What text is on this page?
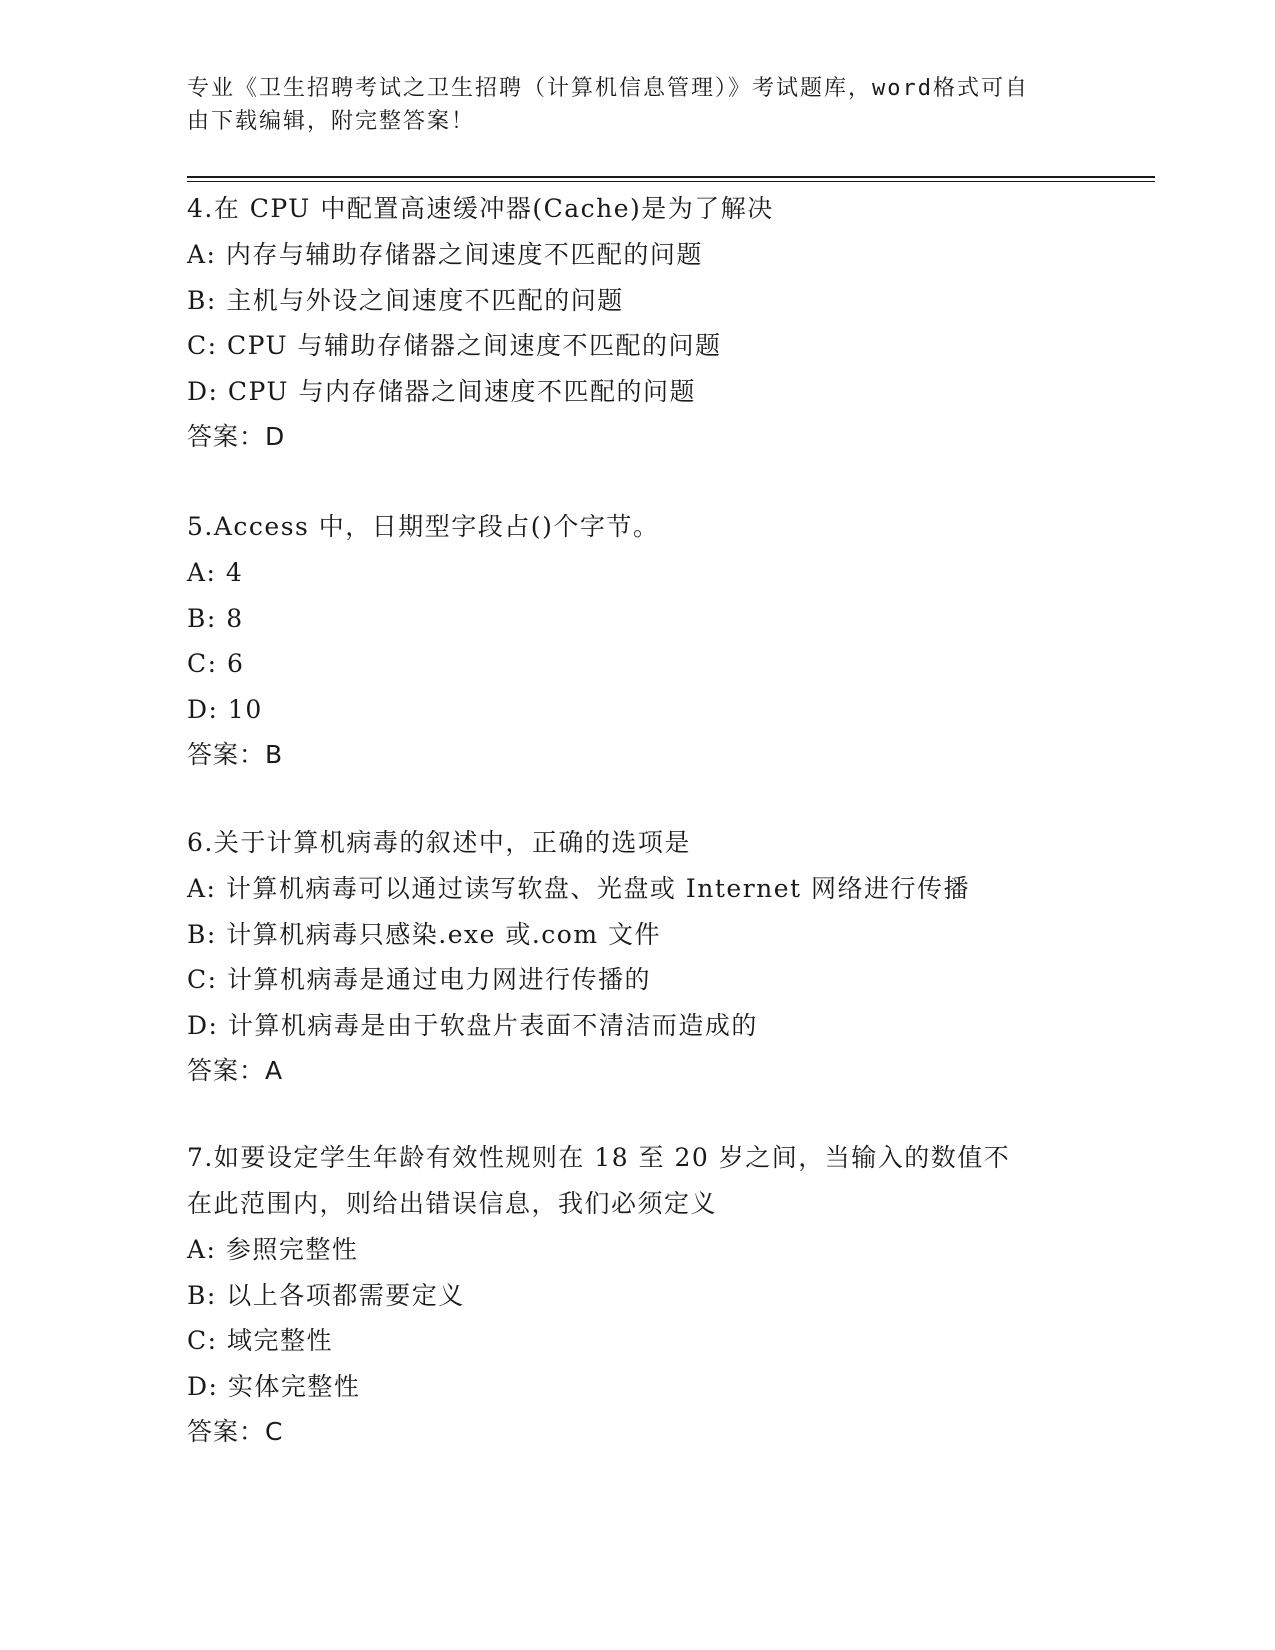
专业《卫生招聘考试之卫生招聘（计算机信息管理）》考试题库，word格式可自
由下载编辑，附完整答案！
4.在 CPU 中配置高速缓冲器(Cache)是为了解决
A: 内存与辅助存储器之间速度不匹配的问题
B: 主机与外设之间速度不匹配的问题
C: CPU 与辅助存储器之间速度不匹配的问题
D: CPU 与内存储器之间速度不匹配的问题
答案：D
5.Access 中，日期型字段占()个字节。
A: 4
B: 8
C: 6
D: 10
答案：B
6.关于计算机病毒的叙述中，正确的选项是
A: 计算机病毒可以通过读写软盘、光盘或 Internet 网络进行传播
B: 计算机病毒只感染.exe 或.com 文件
C: 计算机病毒是通过电力网进行传播的
D: 计算机病毒是由于软盘片表面不清洁而造成的
答案：A
7.如要设定学生年龄有效性规则在 18 至 20 岁之间，当输入的数值不
在此范围内，则给出错误信息，我们必须定义
A: 参照完整性
B: 以上各项都需要定义
C: 域完整性
D: 实体完整性
答案：C
